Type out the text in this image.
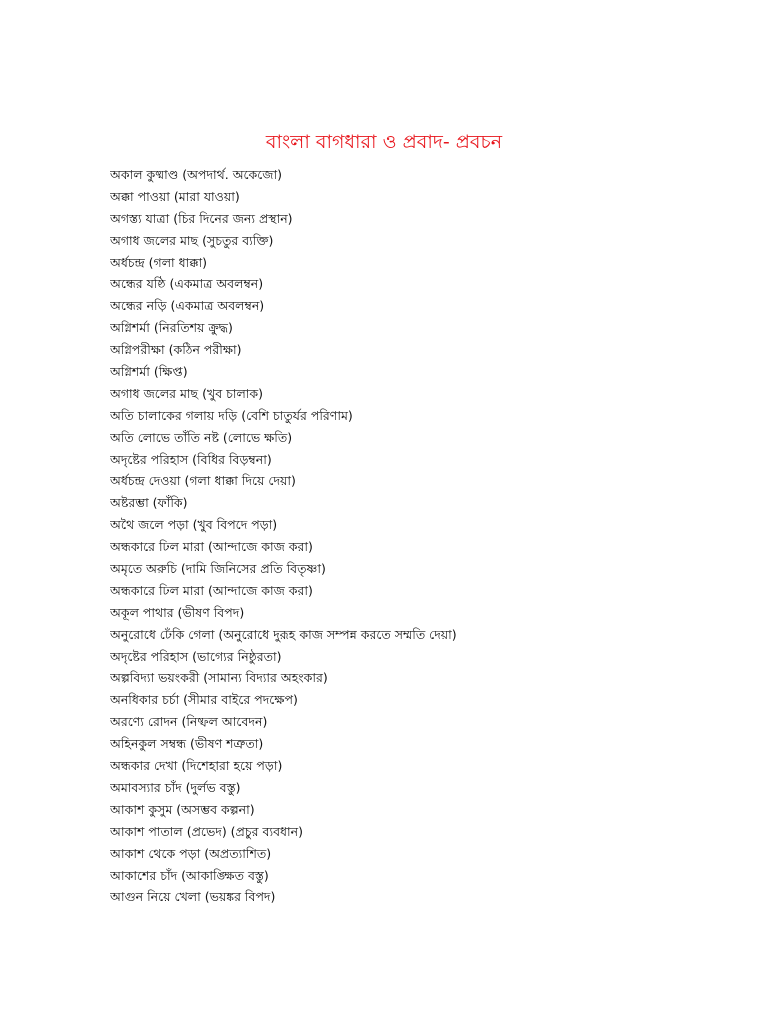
বাংলা বাগধারা ও প্রবাদ- প্রবচন
অকাল কুষ্মাণ্ড (অপদার্থ. অকেজো)
অক্কা পাওয়া (মারা যাওয়া)
অগস্ত্য যাত্রা (চির দিনের জন্য প্রস্থান)
অগাধ জলের মাছ (সুচতুর ব্যক্তি)
অর্ধচন্দ্র (গলা ধাক্কা)
অন্ধের যষ্ঠি (একমাত্র অবলম্বন)
অন্ধের নড়ি (একমাত্র অবলম্বন)
অগ্নিশর্মা (নিরতিশয় ক্রুদ্ধ)
অগ্নিপরীক্ষা (কঠিন পরীক্ষা)
অগ্নিশর্মা (ক্ষিপ্ত)
অগাধ জলের মাছ (খুব চালাক)
অতি চালাকের গলায় দড়ি (বেশি চাতুর্যর পরিণাম)
অতি লোভে তাঁতি নষ্ট (লোভে ক্ষতি)
অদৃষ্টের পরিহাস (বিধির বিড়ম্বনা)
অর্ধচন্দ্র দেওয়া (গলা ধাক্কা দিয়ে দেয়া)
অষ্টরম্ভা (ফাঁকি)
অথৈ জলে পড়া (খুব বিপদে পড়া)
অন্ধকারে ঢিল মারা (আন্দাজে কাজ করা)
অমৃতে অরুচি (দামি জিনিসের প্রতি বিতৃষ্ণা)
অন্ধকারে ঢিল মারা (আন্দাজে কাজ করা)
অকূল পাথার (ভীষণ বিপদ)
অনুরোধে ঢেঁকি গেলা (অনুরোধে দুরূহ কাজ সম্পন্ন করতে সম্মতি দেয়া)
অদৃষ্টের পরিহাস (ভাগ্যের নিষ্ঠুরতা)
অল্পবিদ্যা ভয়ংকরী (সামান্য বিদ্যার অহংকার)
অনধিকার চর্চা (সীমার বাইরে পদক্ষেপ)
অরণ্যে রোদন (নিষ্ফল আবেদন)
অহিনকুল সম্বন্ধ (ভীষণ শত্রুতা)
অন্ধকার দেখা (দিশেহারা হয়ে পড়া)
অমাবস্যার চাঁদ (দুর্লভ বস্তু)
আকাশ কুসুম (অসম্ভব কল্পনা)
আকাশ পাতাল (প্রভেদ) (প্রচুর ব্যবধান)
আকাশ থেকে পড়া (অপ্রত্যাশিত)
আকাশের চাঁদ (আকাঙ্ক্ষিত বস্তু)
আগুন নিয়ে খেলা (ভয়ঙ্কর বিপদ)
